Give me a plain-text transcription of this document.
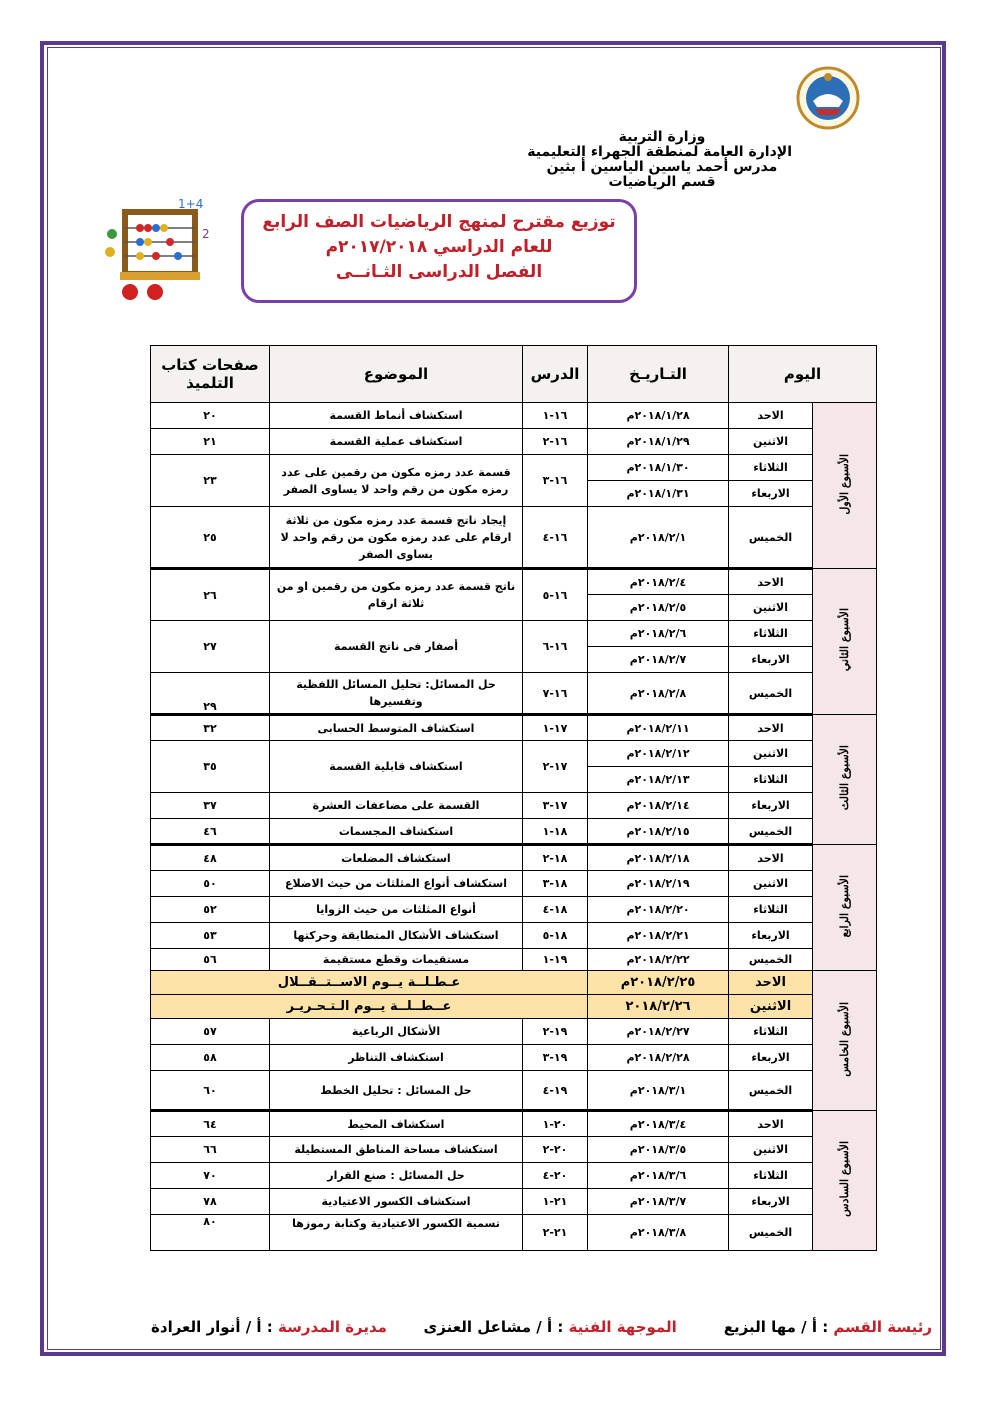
وزارة التربية
الإدارة العامة لمنطقة الجهراء التعليمية
مدرس أحمد ياسين الياسين أ بثين
قسم الرياضيات
توزيع مقترح لمنهج الرياضيات الصف الرابع
للعام الدراسي ٢٠١٧/٢٠١٨م
الفصل الدراسى الثـانــى
1+4
2
اليوم		التـاريـخ	الدرس	الموضوع	صفحات كتاب التلميذ
الأسبوع الأول	الاحد	٢٠١٨/١/٢٨م	١٦-١	استكشاف أنماط القسمة	٢٠
	الاثنين	٢٠١٨/١/٢٩م	١٦-٢	استكشاف عملية القسمة	٢١
	الثلاثاء	٢٠١٨/١/٣٠م	١٦-٣	قسمة عدد رمزه مكون من رقمين على عدد رمزه مكون من رقم واحد لا يساوى الصفر	٢٣
	الاربعاء	٢٠١٨/١/٣١م			
	الخميس	٢٠١٨/٢/١م	١٦-٤	إيجاد ناتج قسمة عدد رمزه مكون من ثلاثة ارقام على عدد رمزه مكون من رقم واحد لا يساوى الصفر	٢٥
الأسبوع الثاني	الاحد	٢٠١٨/٢/٤م	١٦-٥	ناتج قسمة عدد رمزه مكون من رقمين او من ثلاثة ارقام	٢٦
	الاثنين	٢٠١٨/٢/٥م			
	الثلاثاء	٢٠١٨/٢/٦م	١٦-٦	أصفار فى ناتج القسمة	٢٧
	الاربعاء	٢٠١٨/٢/٧م			
	الخميس	٢٠١٨/٢/٨م	١٦-٧	حل المسائل: تحليل المسائل اللفظية وتفسيرها	٢٩
الأسبوع الثالث	الاحد	٢٠١٨/٢/١١م	١٧-١	استكشاف المتوسط الحسابى	٣٢
	الاثنين	٢٠١٨/٢/١٢م	١٧-٢	استكشاف قابلية القسمة	٣٥
	الثلاثاء	٢٠١٨/٢/١٣م			
	الاربعاء	٢٠١٨/٢/١٤م	١٧-٣	القسمة على مضاعفات العشرة	٣٧
	الخميس	٢٠١٨/٢/١٥م	١٨-١	استكشاف المجسمات	٤٦
الأسبوع الرابع	الاحد	٢٠١٨/٢/١٨م	١٨-٢	استكشاف المضلعات	٤٨
	الاثنين	٢٠١٨/٢/١٩م	١٨-٣	استكشاف أنواع المثلثات من حيث الاضلاع	٥٠
	الثلاثاء	٢٠١٨/٢/٢٠م	١٨-٤	أنواع المثلثات من حيث الزوايا	٥٢
	الاربعاء	٢٠١٨/٢/٢١م	١٨-٥	استكشاف الأشكال المتطابقة وحركتها	٥٣
	الخميس	٢٠١٨/٢/٢٢م	١٩-١	مستقيمات وقطع مستقيمة	٥٦
الأسبوع الخامس	الاحد	٢٠١٨/٢/٢٥م	عـطـلــة يــوم الاســتــقــلال		
	الاثنين	٢٠١٨/٢/٢٦	عــطــلــة يــوم الـتـحـريـر		
	الثلاثاء	٢٠١٨/٢/٢٧م	١٩-٢	الأشكال الرباعية	٥٧
	الاربعاء	٢٠١٨/٢/٢٨م	١٩-٣	استكشاف التناظر	٥٨
	الخميس	٢٠١٨/٣/١م	١٩-٤	حل المسائل : تحليل الخطط	٦٠
الأسبوع السادس	الاحد	٢٠١٨/٣/٤م	٢٠-١	استكشاف المحيط	٦٤
	الاثنين	٢٠١٨/٣/٥م	٢٠-٢	استكشاف مساحة المناطق المستطيلة	٦٦
	الثلاثاء	٢٠١٨/٣/٦م	٢٠-٤	حل المسائل : صنع القرار	٧٠
	الاربعاء	٢٠١٨/٣/٧م	٢١-١	استكشاف الكسور الاعتيادية	٧٨
	الخميس	٢٠١٨/٣/٨م	٢١-٢	تسمية الكسور الاعتيادية وكتابة رموزها	٨٠
رئيسة القسم : أ / مها البزيع         الموجهة الفنية : أ / مشاعل العنزى       مديرة المدرسة : أ / أنوار العرادة
